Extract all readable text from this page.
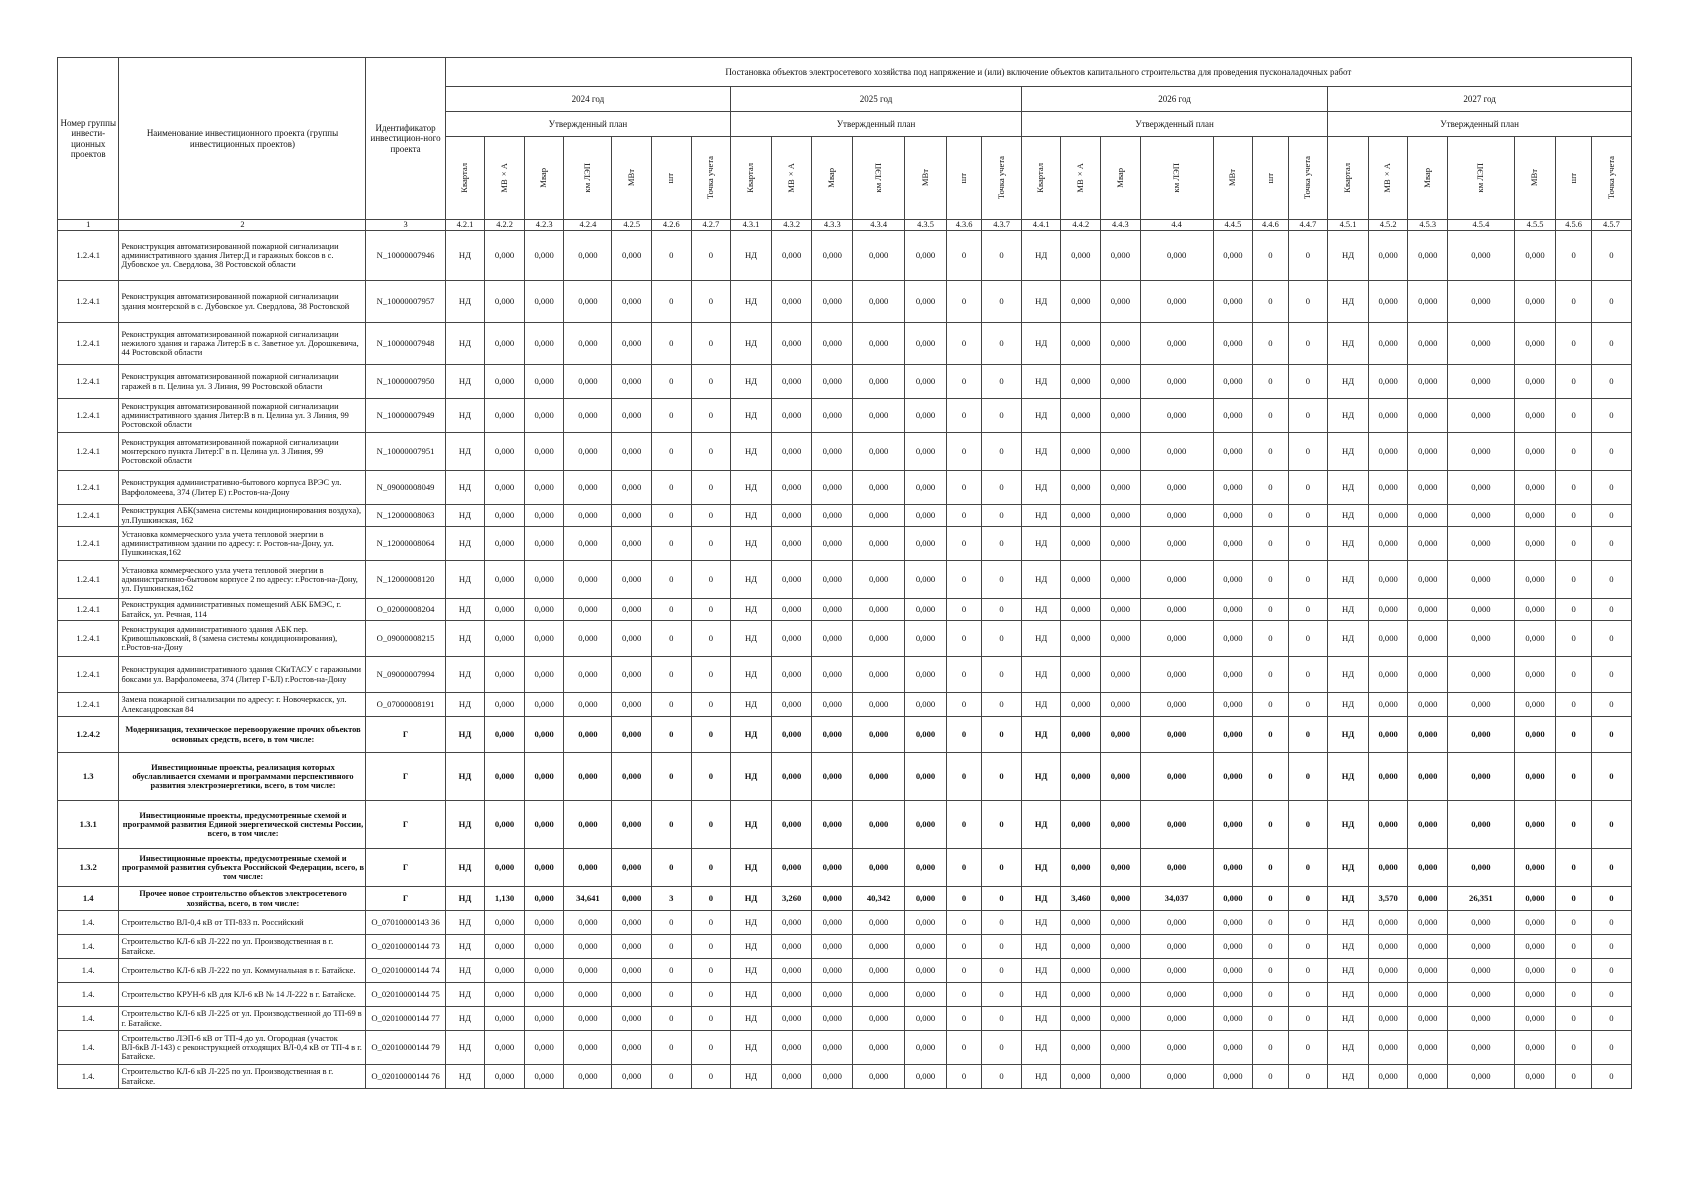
Номер группы инвести-ционных проектов	Наименование инвестиционного проекта (группы инвестиционных проектов)	Идентификатор инвестицион-ного проекта	Постановка объектов электросетевого хозяйства под напряжение и (или) включение объектов капитального строительства для проведения пусконаладочных работ																											
			2024 год							2025 год							2026 год							2027 год						
			Утвержденный план							Утвержденный план							Утвержденный план							Утвержденный план						

			Квартал	МВ×А	Мвар	км ЛЭП	МВт	шт	Точка учета	Квартал	МВ×А	Мвар	км ЛЭП	МВт	шт	Точка учета	Квартал	МВ×А	Мвар	км ЛЭП	МВт	шт	Точка учета	Квартал	МВ×А	Мвар	км ЛЭП	МВт	шт	Точка учета

1	2	3	4.2.1	4.2.2	4.2.3	4.2.4	4.2.5	4.2.6	4.2.7	4.3.1	4.3.2	4.3.3	4.3.4	4.3.5	4.3.6	4.3.7	4.4.1	4.4.2	4.4.3	4.4	4.4.5	4.4.6	4.4.7	4.5.1	4.5.2	4.5.3	4.5.4	4.5.5	4.5.6	4.5.7
1.2.4.1	Реконструкция автоматизированной пожарной сигнализации административного здания Литер:Д и гаражных боксов в с. Дубовское ул. Свердлова, 38 Ростовской области	N_10000007946	НД	0,000	0,000	0,000	0,000	0	0	НД	0,000	0,000	0,000	0,000	0	0	НД	0,000	0,000	0,000	0,000	0	0	НД	0,000	0,000	0,000	0,000	0	0
1.2.4.1	Реконструкция автоматизированной пожарной сигнализации здания монтерской в с. Дубовское ул. Свердлова, 38 Ростовской	N_10000007957	НД	0,000	0,000	0,000	0,000	0	0	НД	0,000	0,000	0,000	0,000	0	0	НД	0,000	0,000	0,000	0,000	0	0	НД	0,000	0,000	0,000	0,000	0	0
1.2.4.1	Реконструкция автоматизированной пожарной сигнализации нежилого здания и гаража Литер:Б в с. Заветное ул. Дорошкевича, 44 Ростовской области	N_10000007948	НД	0,000	0,000	0,000	0,000	0	0	НД	0,000	0,000	0,000	0,000	0	0	НД	0,000	0,000	0,000	0,000	0	0	НД	0,000	0,000	0,000	0,000	0	0
1.2.4.1	Реконструкция автоматизированной пожарной сигнализации гаражей в п. Целина ул. 3 Линия, 99 Ростовской области	N_10000007950	НД	0,000	0,000	0,000	0,000	0	0	НД	0,000	0,000	0,000	0,000	0	0	НД	0,000	0,000	0,000	0,000	0	0	НД	0,000	0,000	0,000	0,000	0	0
1.2.4.1	Реконструкция автоматизированной пожарной сигнализации административного здания Литер:В в п. Целина ул. 3 Линия, 99 Ростовской области	N_10000007949	НД	0,000	0,000	0,000	0,000	0	0	НД	0,000	0,000	0,000	0,000	0	0	НД	0,000	0,000	0,000	0,000	0	0	НД	0,000	0,000	0,000	0,000	0	0
1.2.4.1	Реконструкция автоматизированной пожарной сигнализации монтерского пункта Литер:Г в п. Целина ул. 3 Линия, 99 Ростовской области	N_10000007951	НД	0,000	0,000	0,000	0,000	0	0	НД	0,000	0,000	0,000	0,000	0	0	НД	0,000	0,000	0,000	0,000	0	0	НД	0,000	0,000	0,000	0,000	0	0
1.2.4.1	Реконструкция административно-бытового корпуса ВРЭС ул. Варфоломеева, 374 (Литер Е) г.Ростов-на-Дону	N_09000008049	НД	0,000	0,000	0,000	0,000	0	0	НД	0,000	0,000	0,000	0,000	0	0	НД	0,000	0,000	0,000	0,000	0	0	НД	0,000	0,000	0,000	0,000	0	0
1.2.4.1	Реконструкция АБК(замена системы кондиционирования воздуха), ул.Пушкинская, 162	N_12000008063	НД	0,000	0,000	0,000	0,000	0	0	НД	0,000	0,000	0,000	0,000	0	0	НД	0,000	0,000	0,000	0,000	0	0	НД	0,000	0,000	0,000	0,000	0	0
1.2.4.1	Установка коммерческого узла учета тепловой энергии в административном здании по адресу: г. Ростов-на-Дону, ул. Пушкинская,162	N_12000008064	НД	0,000	0,000	0,000	0,000	0	0	НД	0,000	0,000	0,000	0,000	0	0	НД	0,000	0,000	0,000	0,000	0	0	НД	0,000	0,000	0,000	0,000	0	0
1.2.4.1	Установка коммерческого узла учета тепловой энергии в административно-бытовом корпусе 2 по адресу: г.Ростов-на-Дону, ул. Пушкинская,162	N_12000008120	НД	0,000	0,000	0,000	0,000	0	0	НД	0,000	0,000	0,000	0,000	0	0	НД	0,000	0,000	0,000	0,000	0	0	НД	0,000	0,000	0,000	0,000	0	0
1.2.4.1	Реконструкция административных помещений АБК БМЭС, г. Батайск, ул. Речная, 114	O_02000008204	НД	0,000	0,000	0,000	0,000	0	0	НД	0,000	0,000	0,000	0,000	0	0	НД	0,000	0,000	0,000	0,000	0	0	НД	0,000	0,000	0,000	0,000	0	0
1.2.4.1	Реконструкция административного здания АБК пер. Кривошлыковский, 8 (замена системы кондиционирования), г.Ростов-на-Дону	O_09000008215	НД	0,000	0,000	0,000	0,000	0	0	НД	0,000	0,000	0,000	0,000	0	0	НД	0,000	0,000	0,000	0,000	0	0	НД	0,000	0,000	0,000	0,000	0	0
1.2.4.1	Реконструкция административного здания СКиТАСУ с гаражными боксами ул. Варфоломеева, 374 (Литер Г-БЛ) г.Ростов-на-Дону	N_09000007994	НД	0,000	0,000	0,000	0,000	0	0	НД	0,000	0,000	0,000	0,000	0	0	НД	0,000	0,000	0,000	0,000	0	0	НД	0,000	0,000	0,000	0,000	0	0
1.2.4.1	Замена пожарной сигнализации по адресу: г. Новочеркасск, ул. Александровская 84	O_07000008191	НД	0,000	0,000	0,000	0,000	0	0	НД	0,000	0,000	0,000	0,000	0	0	НД	0,000	0,000	0,000	0,000	0	0	НД	0,000	0,000	0,000	0,000	0	0
1.2.4.2	Модернизация, техническое перевооружение прочих объектов основных средств, всего, в том числе:	Г	НД	0,000	0,000	0,000	0,000	0	0	НД	0,000	0,000	0,000	0,000	0	0	НД	0,000	0,000	0,000	0,000	0	0	НД	0,000	0,000	0,000	0,000	0	0
1.3	Инвестиционные проекты, реализация которых обуславливается схемами и программами перспективного развития электроэнергетики, всего, в том числе:	Г	НД	0,000	0,000	0,000	0,000	0	0	НД	0,000	0,000	0,000	0,000	0	0	НД	0,000	0,000	0,000	0,000	0	0	НД	0,000	0,000	0,000	0,000	0	0
1.3.1	Инвестиционные проекты, предусмотренные схемой и программой развития Единой энергетической системы России, всего, в том числе:	Г	НД	0,000	0,000	0,000	0,000	0	0	НД	0,000	0,000	0,000	0,000	0	0	НД	0,000	0,000	0,000	0,000	0	0	НД	0,000	0,000	0,000	0,000	0	0
1.3.2	Инвестиционные проекты, предусмотренные схемой и программой развития субъекта Российской Федерации, всего, в том числе:	Г	НД	0,000	0,000	0,000	0,000	0	0	НД	0,000	0,000	0,000	0,000	0	0	НД	0,000	0,000	0,000	0,000	0	0	НД	0,000	0,000	0,000	0,000	0	0
1.4	Прочее новое строительство объектов электросетевого хозяйства, всего, в том числе:	Г	НД	1,130	0,000	34,641	0,000	3	0	НД	3,260	0,000	40,342	0,000	0	0	НД	3,460	0,000	34,037	0,000	0	0	НД	3,570	0,000	26,351	0,000	0	0
1.4.	Строительство ВЛ-0,4 кВ от ТП-833 п. Российский	O_07010000143 36	НД	0,000	0,000	0,000	0,000	0	0	НД	0,000	0,000	0,000	0,000	0	0	НД	0,000	0,000	0,000	0,000	0	0	НД	0,000	0,000	0,000	0,000	0	0
1.4.	Строительство КЛ-6 кВ Л-222 по ул. Производственная в г. Батайске.	O_02010000144 73	НД	0,000	0,000	0,000	0,000	0	0	НД	0,000	0,000	0,000	0,000	0	0	НД	0,000	0,000	0,000	0,000	0	0	НД	0,000	0,000	0,000	0,000	0	0
1.4.	Строительство КЛ-6 кВ Л-222 по ул. Коммунальная в г. Батайске.	O_02010000144 74	НД	0,000	0,000	0,000	0,000	0	0	НД	0,000	0,000	0,000	0,000	0	0	НД	0,000	0,000	0,000	0,000	0	0	НД	0,000	0,000	0,000	0,000	0	0
1.4.	Строительство КРУН-6 кВ для КЛ-6 кВ № 14 Л-222 в г. Батайске.	O_02010000144 75	НД	0,000	0,000	0,000	0,000	0	0	НД	0,000	0,000	0,000	0,000	0	0	НД	0,000	0,000	0,000	0,000	0	0	НД	0,000	0,000	0,000	0,000	0	0
1.4.	Строительство КЛ-6 кВ Л-225 от ул. Производственной до ТП-69 в г. Батайске.	O_02010000144 77	НД	0,000	0,000	0,000	0,000	0	0	НД	0,000	0,000	0,000	0,000	0	0	НД	0,000	0,000	0,000	0,000	0	0	НД	0,000	0,000	0,000	0,000	0	0
1.4.	Строительство ЛЭП-6 кВ от ТП-4 до ул. Огородная (участок ВЛ-6кВ Л-143) с реконструкцией отходящих ВЛ-0,4 кВ от ТП-4 в г. Батайске.	O_02010000144 79	НД	0,000	0,000	0,000	0,000	0	0	НД	0,000	0,000	0,000	0,000	0	0	НД	0,000	0,000	0,000	0,000	0	0	НД	0,000	0,000	0,000	0,000	0	0
1.4.	Строительство КЛ-6 кВ Л-225 по ул. Производственная в г. Батайске.	O_02010000144 76	НД	0,000	0,000	0,000	0,000	0	0	НД	0,000	0,000	0,000	0,000	0	0	НД	0,000	0,000	0,000	0,000	0	0	НД	0,000	0,000	0,000	0,000	0	0
